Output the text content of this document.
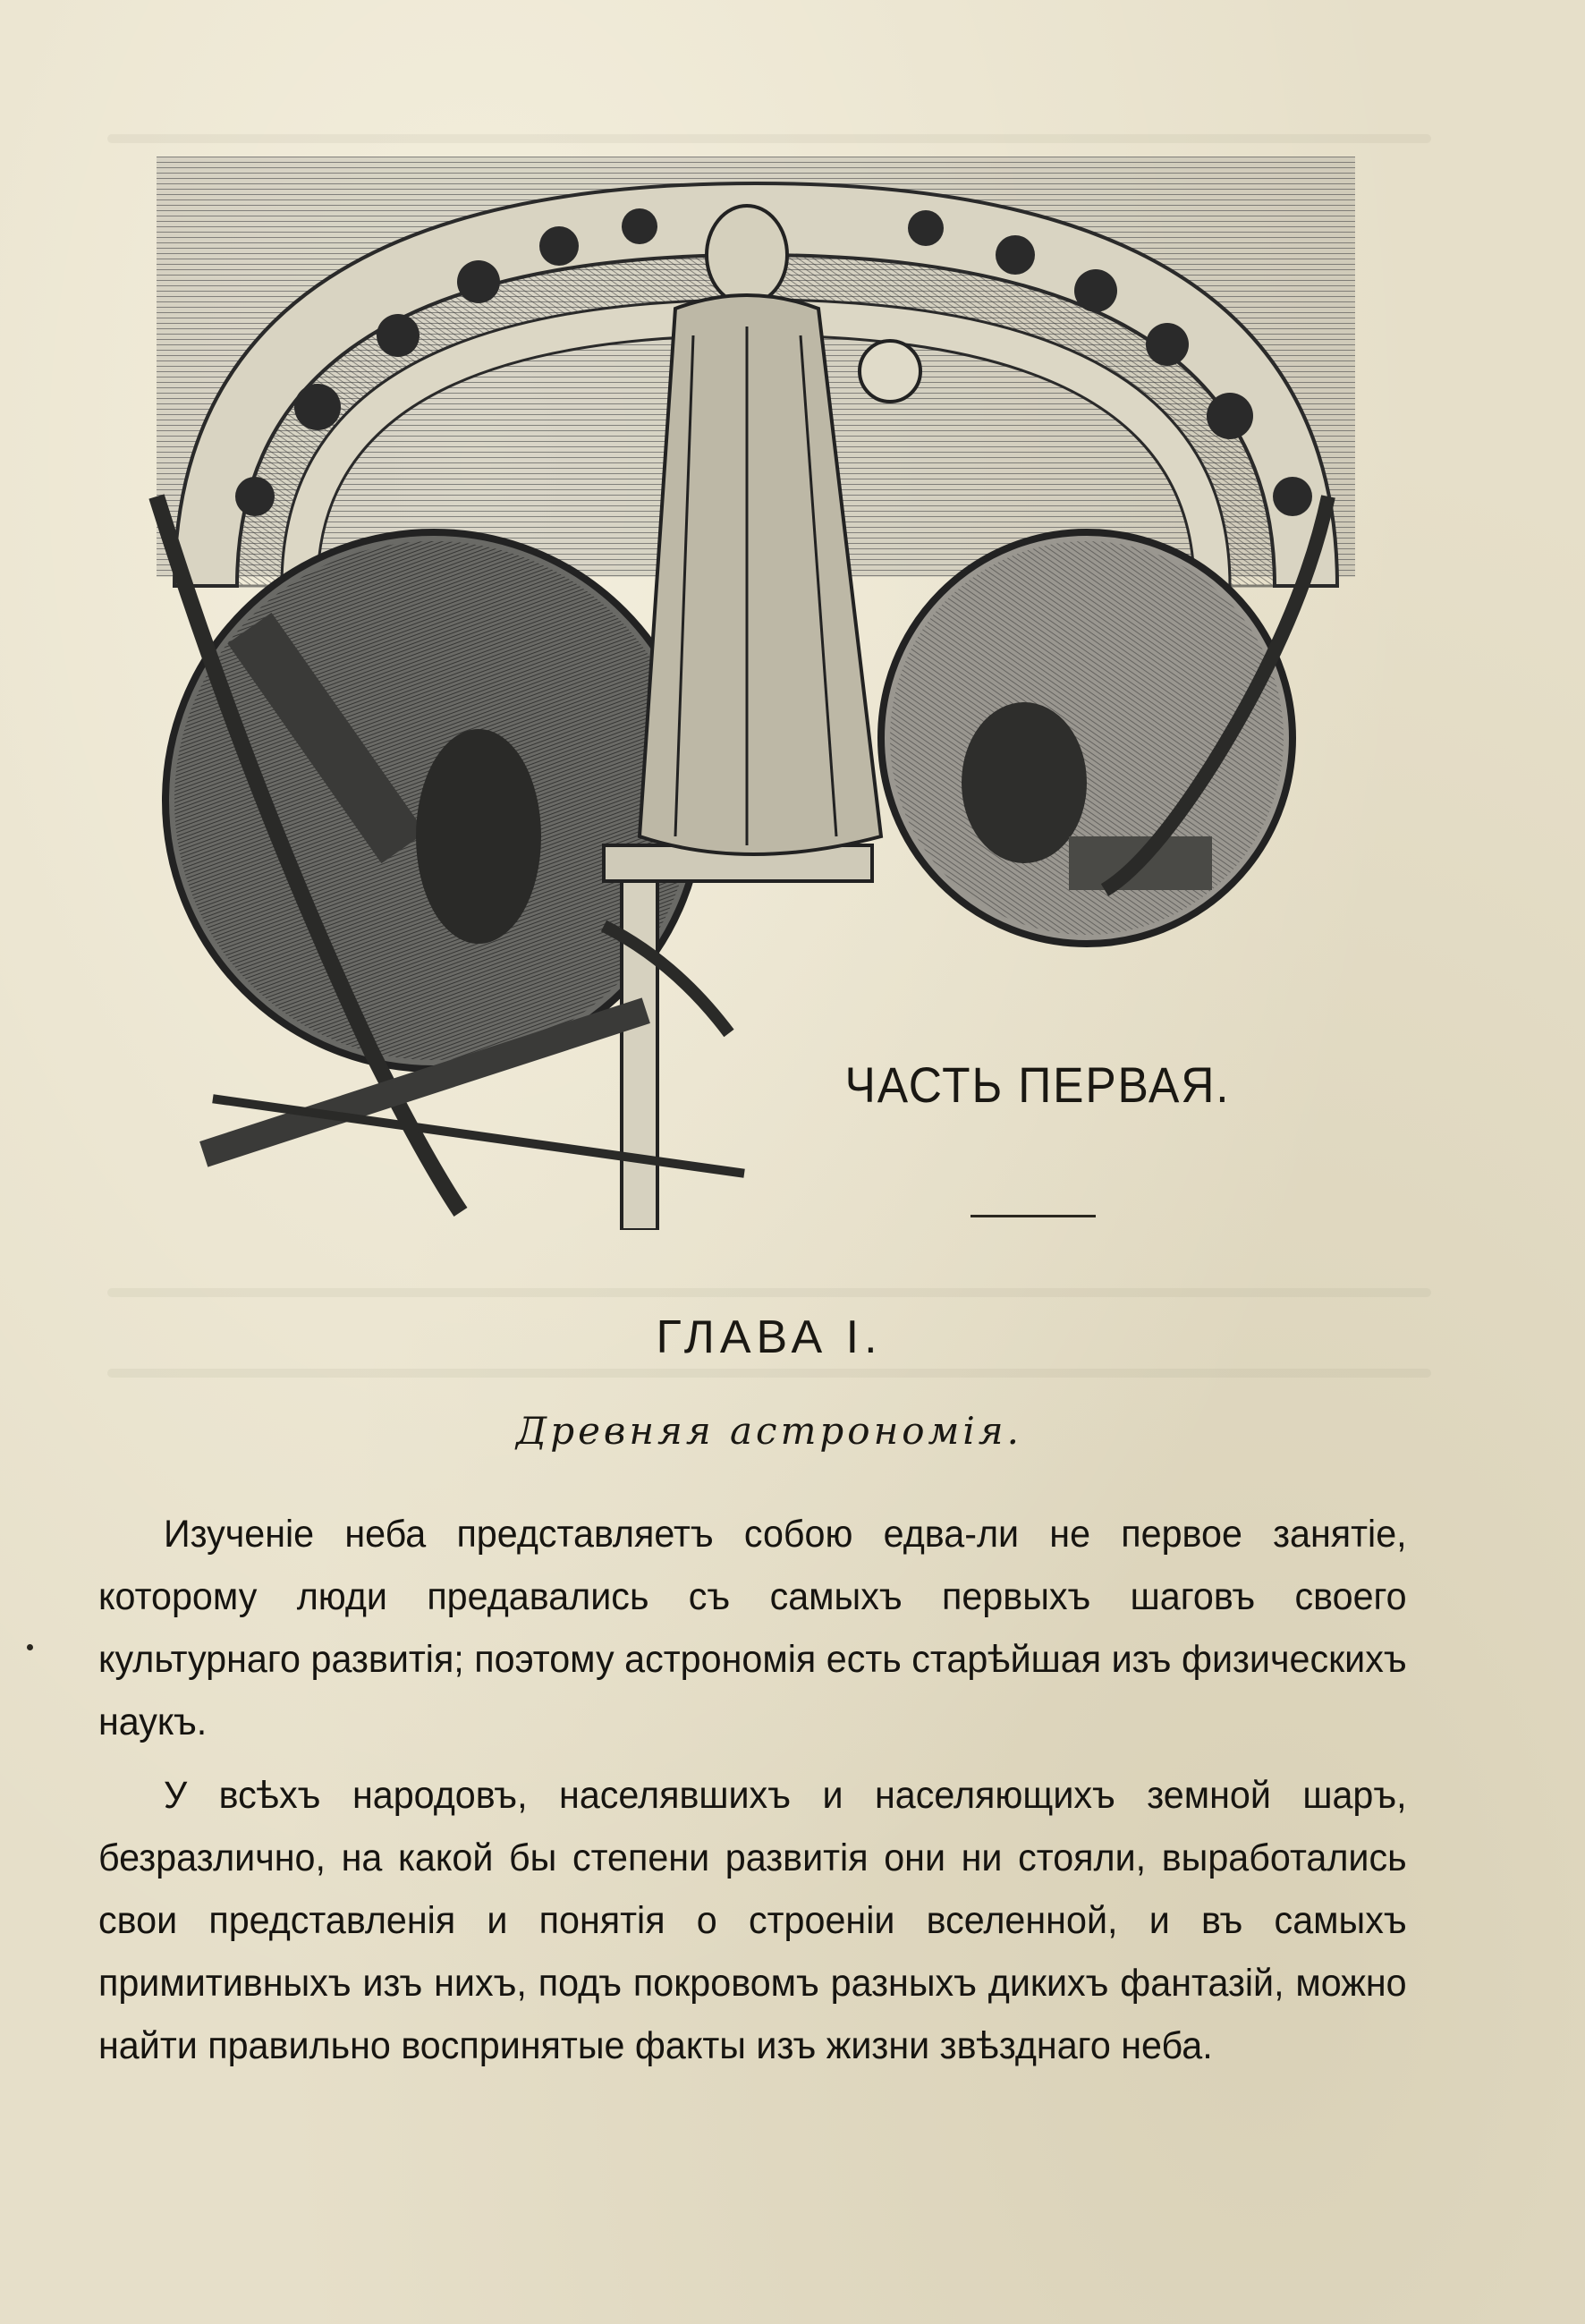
ЧАСТЬ ПЕРВАЯ.
ГЛАВА I.
Древняя астрономія.

Изученіе неба представляетъ собою едва-ли не первое занятіе, которому люди предавались съ самыхъ первыхъ шаговъ своего культурнаго развитія; поэтому астрономія есть старѣйшая изъ физическихъ наукъ.

У всѣхъ народовъ, населявшихъ и населяющихъ земной шаръ, безразлично, на какой бы степени развитія они ни стояли, выработались свои представленія и понятія о строеніи вселенной, и въ самыхъ примитивныхъ изъ нихъ, подъ покровомъ разныхъ дикихъ фантазій, можно найти правильно воспринятые факты изъ жизни звѣзднаго неба.
